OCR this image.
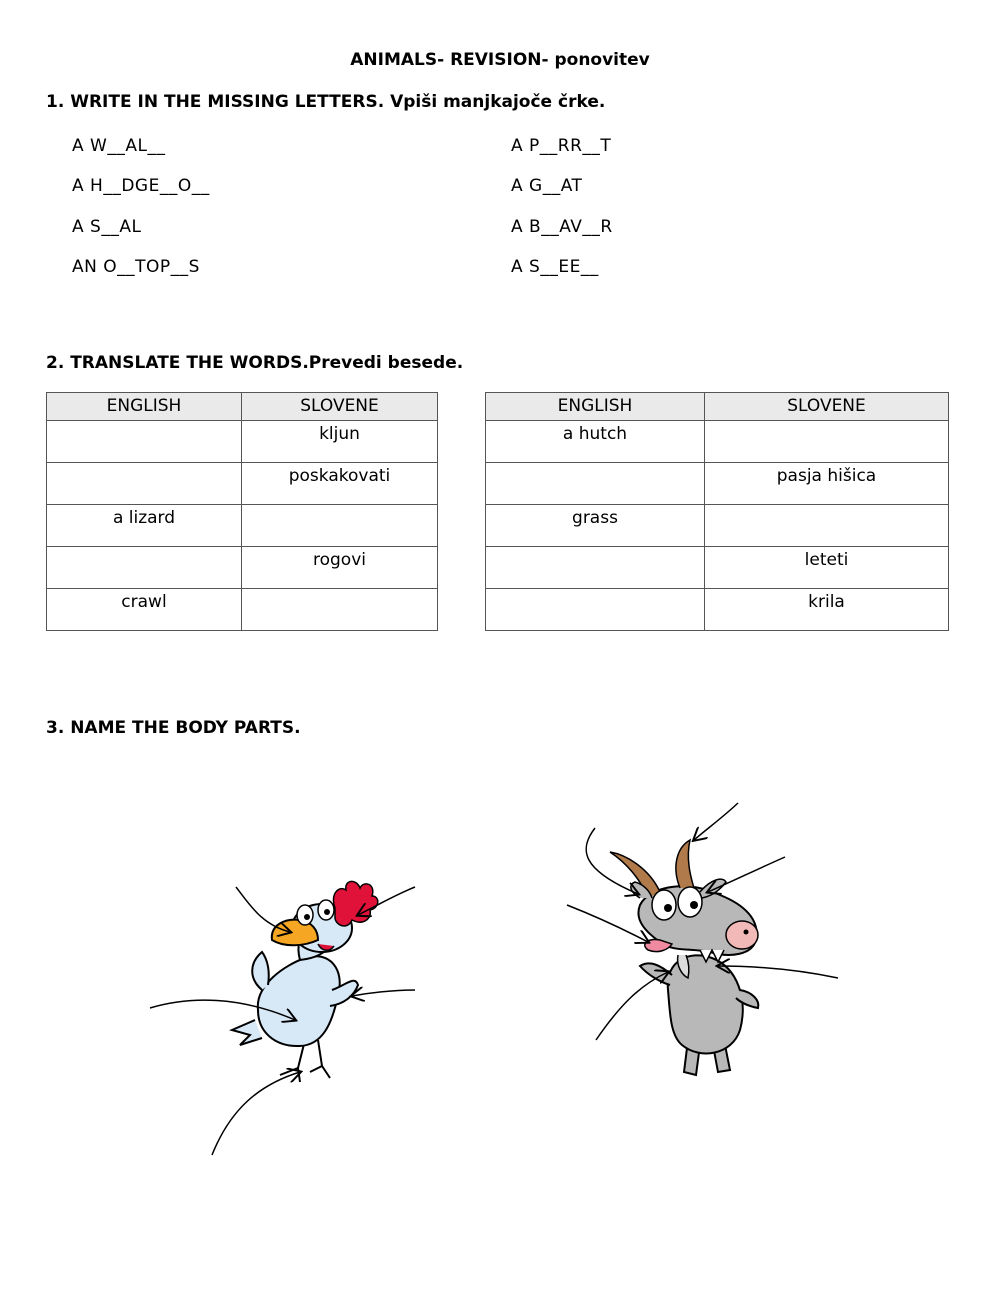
ANIMALS- REVISION- ponovitev
1. WRITE IN THE MISSING LETTERS. Vpiši manjkajoče črke.
A W__AL__
A H__DGE__O__
A S__AL
AN O__TOP__S
A P__RR__T
A G__AT
A B__AV__R
A S__EE__
2. TRANSLATE THE WORDS.Prevedi besede.
ENGLISH	SLOVENE
	kljun
	poskakovati
a lizard	
	rogovi
crawl	
ENGLISH	SLOVENE
a hutch	
	pasja hišica
grass	
	leteti
	krila
3. NAME THE BODY PARTS.
